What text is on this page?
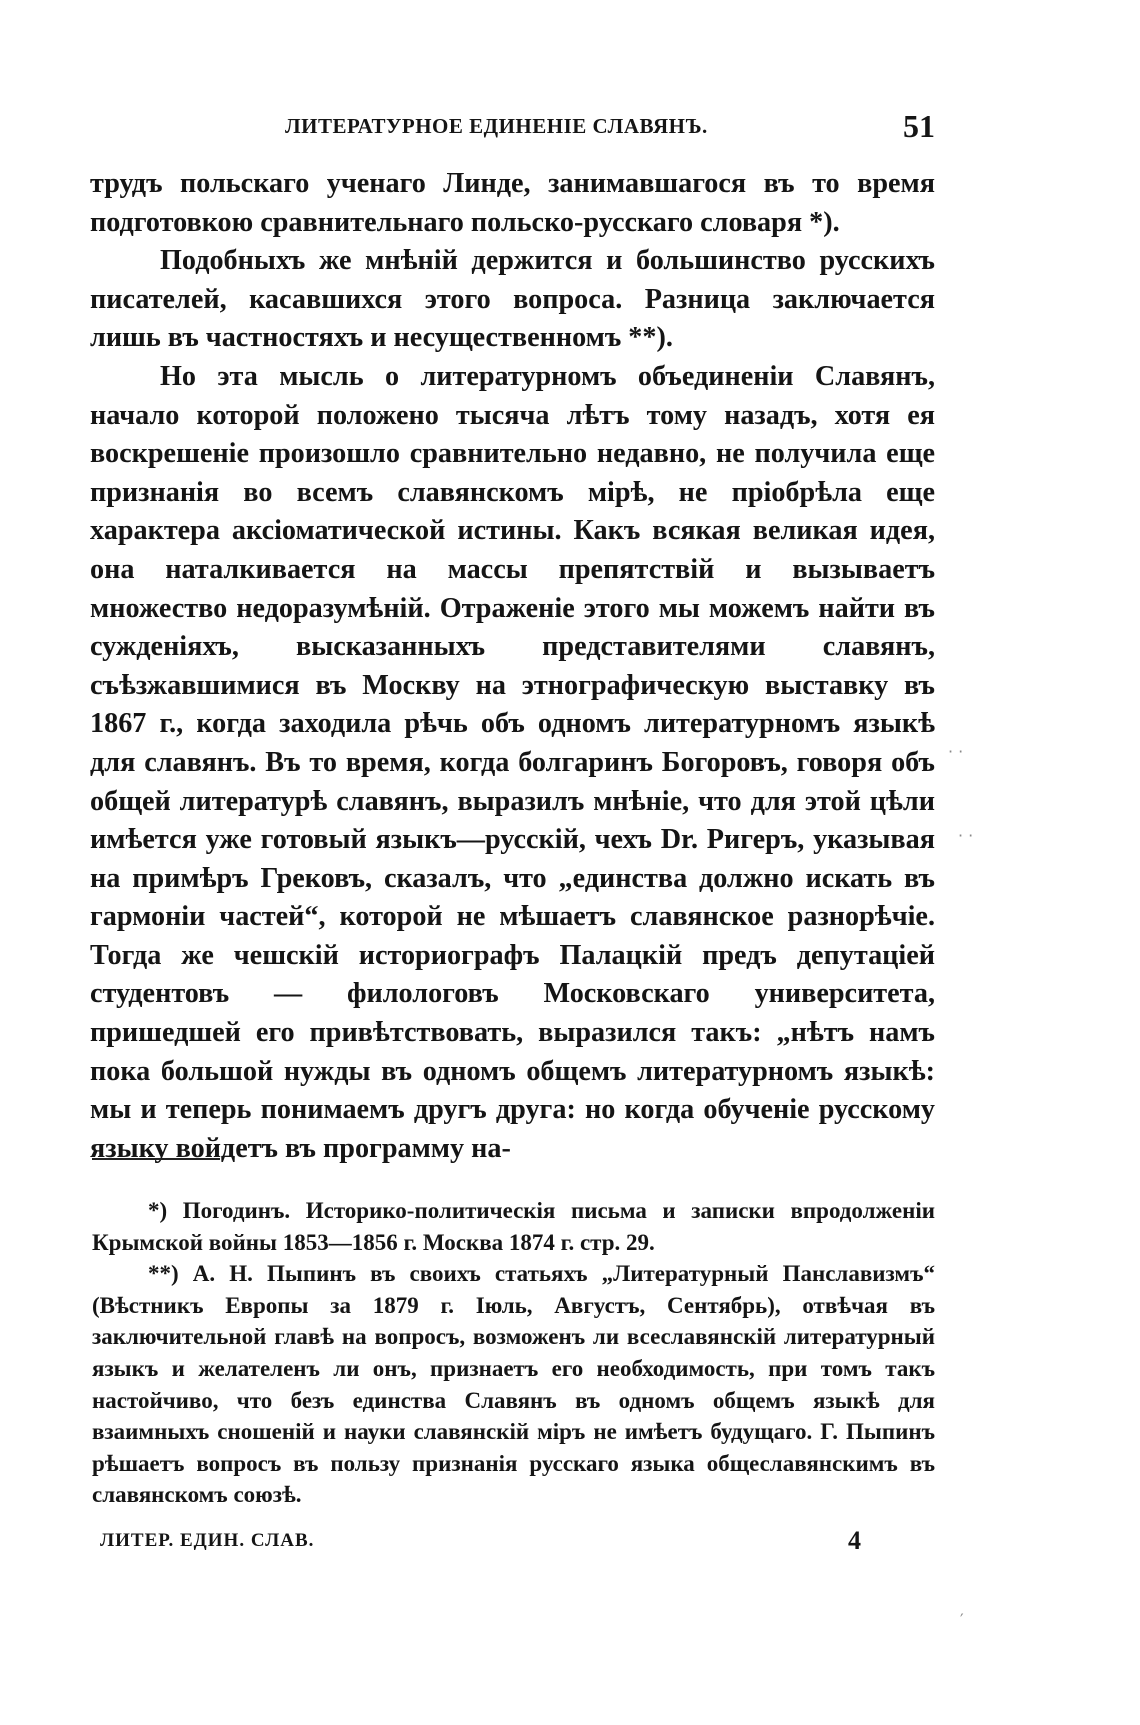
ЛИТЕРАТУРНОЕ ЕДИНЕНІЕ СЛАВЯНЪ.	51

трудъ польскаго ученаго Линде, занимавшагося въ то время подготовкою сравнительнаго польско-русскаго словаря *).

Подобныхъ же мнѣній держится и большинство русскихъ писателей, касавшихся этого вопроса. Разница заключается лишь въ частностяхъ и несущественномъ **).

Но эта мысль о литературномъ объединеніи Славянъ, начало которой положено тысяча лѣтъ тому назадъ, хотя ея воскрешеніе произошло сравнительно недавно, не получила еще признанія во всемъ славянскомъ мірѣ, не пріобрѣла еще характера аксіоматической истины. Какъ всякая великая идея, она наталкивается на массы препятствій и вызываетъ множество недоразумѣній. Отраженіе этого мы можемъ найти въ сужденіяхъ, высказанныхъ представителями славянъ, съѣзжавшимися въ Москву на этнографическую выставку въ 1867 г., когда заходила рѣчь объ одномъ литературномъ языкѣ для славянъ. Въ то время, когда болгаринъ Богоровъ, говоря объ общей литературѣ славянъ, выразилъ мнѣніе, что для этой цѣли имѣется уже готовый языкъ—русскій, чехъ Dr. Ригеръ, указывая на примѣръ Грековъ, сказалъ, что „единства должно искать въ гармоніи частей“, которой не мѣшаетъ славянское разнорѣчіе. Тогда же чешскій историографъ Палацкій предъ депутаціей студентовъ — филологовъ Московскаго университета, пришедшей его привѣтствовать, выразился такъ: „нѣтъ намъ пока большой нужды въ одномъ общемъ литературномъ языкѣ: мы и теперь понимаемъ другъ друга: но когда обученіе русскому языку войдетъ въ программу на-

*) Погодинъ. Историко-политическія письма и записки впродолженіи Крымской войны 1853—1856 г. Москва 1874 г. стр. 29.

**) А. Н. Пыпинъ въ своихъ статьяхъ „Литературный Панславизмъ“ (Вѣстникъ Европы за 1879 г. Іюль, Августъ, Сентябрь), отвѣчая въ заключительной главѣ на вопросъ, возможенъ ли всеславянскій литературный языкъ и желателенъ ли онъ, признаетъ его необходимость, при томъ такъ настойчиво, что безъ единства Славянъ въ одномъ общемъ языкѣ для взаимныхъ сношеній и науки славянскій міръ не имѣетъ будущаго. Г. Пыпинъ рѣшаетъ вопросъ въ пользу признанія русскаго языка общеславянскимъ въ славянскомъ союзѣ.

ЛИТЕР. ЕДИН. СЛАВ.	4
· ·
· ·
′
